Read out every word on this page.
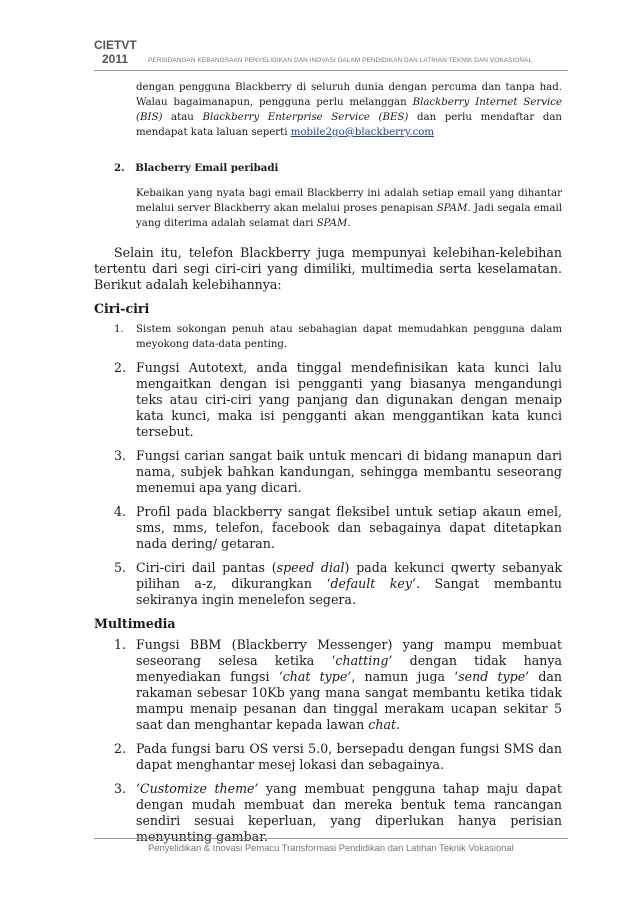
CIETVT
2011	PERSIDANGAN KEBANGSAAN PENYELIDIKAN DAN INOVASI DALAM PENDIDIKAN DAN LATIHAN TEKNIK DAN VOKASIONAL
dengan pengguna Blackberry di seluruh dunia dengan percuma dan tanpa had. Walau bagaimanapun, pengguna perlu melanggan Blackberry Internet Service (BIS) atau Blackberry Enterprise Service (BES) dan perlu mendaftar dan mendapat kata laluan seperti mobile2go@blackberry.com
2. Blacberry Email peribadi
Kebaikan yang nyata bagi email Blackberry ini adalah setiap email yang dihantar melalui server Blackberry akan melalui proses penapisan SPAM. Jadi segala email yang diterima adalah selamat dari SPAM.
Selain itu, telefon Blackberry juga mempunyai kelebihan-kelebihan tertentu dari segi ciri-ciri yang dimiliki, multimedia serta keselamatan. Berikut adalah kelebihannya:
Ciri-ciri
1.	Sistem sokongan penuh atau sebahagian dapat memudahkan pengguna dalam meyokong data-data penting.
2. Fungsi Autotext, anda tinggal mendefinisikan kata kunci lalu mengaitkan dengan isi pengganti yang biasanya mengandungi teks atau ciri-ciri yang panjang dan digunakan dengan menaip kata kunci, maka isi pengganti akan menggantikan kata kunci tersebut.
3. Fungsi carian sangat baik untuk mencari di bidang manapun dari nama, subjek bahkan kandungan, sehingga membantu seseorang menemui apa yang dicari.
4. Profil pada blackberry sangat fleksibel untuk setiap akaun emel, sms, mms, telefon, facebook dan sebagainya dapat ditetapkan nada dering/ getaran.
5. Ciri-ciri dail pantas (speed dial) pada kekunci qwerty sebanyak pilihan a-z, dikurangkan ‘default key’. Sangat membantu sekiranya ingin menelefon segera.
Multimedia
1. Fungsi BBM (Blackberry Messenger) yang mampu membuat seseorang selesa ketika ‘chatting’ dengan tidak hanya menyediakan fungsi ‘chat type’, namun juga ‘send type’ dan rakaman sebesar 10Kb yang mana sangat membantu ketika tidak mampu menaip pesanan dan tinggal merakam ucapan sekitar 5 saat dan menghantar kepada lawan chat.
2. Pada fungsi baru OS versi 5.0, bersepadu dengan fungsi SMS dan dapat menghantar mesej lokasi dan sebagainya.
3. ‘Customize theme’ yang membuat pengguna tahap maju dapat dengan mudah membuat dan mereka bentuk tema rancangan sendiri sesuai keperluan, yang diperlukan hanya perisian menyunting gambar.
Penyelidikan & Inovasi Pemacu Transformasi Pendidikan dan Latihan Teknik Vokasional
